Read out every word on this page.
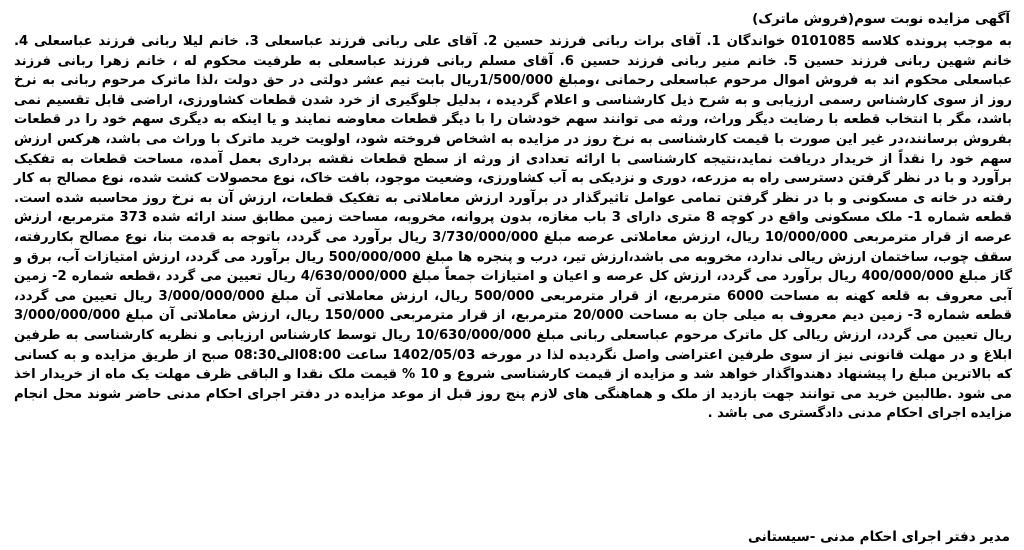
آگهی مزایده نوبت سوم(فروش ماترک)

به موجب پرونده کلاسه 0101085 خواندگان 1. آقای برات ربانی فرزند حسین 2. آقای علی ربانی فرزند عباسعلی 3. خانم لیلا ربانی فرزند عباسعلی 4. خانم شهین ربانی فرزند حسین 5. خانم منیر ربانی فرزند حسین 6. آقای مسلم ربانی فرزند عباسعلی به طرفیت محکوم له ، خانم زهرا ربانی فرزند عباسعلی محکوم اند به فروش اموال مرحوم عباسعلی رحمانی ،ومبلغ 1/500/000ریال بابت نیم عشر دولتی در حق دولت ،لذا ماترک مرحوم ربانی به نرخ روز از سوی کارشناس رسمی ارزیابی و به شرح ذیل کارشناسی و اعلام گردیده ، بدلیل جلوگیری از خرد شدن قطعات کشاورزی، اراضی قابل تقسیم نمی باشد، مگر با انتخاب قطعه با رضایت دیگر وراث، ورثه می توانند سهم خودشان را با دیگر قطعات معاوضه نمایند و یا اینکه به دیگری سهم خود را در قطعات بفروش برسانند،در غیر این صورت با قیمت کارشناسی به نرخ روز در مزایده به اشخاص فروخته شود، اولویت خرید ماترک با وراث می باشد، هرکس ارزش سهم خود را نقداً از خریدار دریافت نماید،نتیجه کارشناسی با ارائه تعدادی از ورثه از سطح قطعات نقشه برداری بعمل آمده، مساحت قطعات به تفکیک برآورد و با در نظر گرفتن دسترسی راه به مزرعه، دوری و نزدیکی به آب کشاورزی، وضعیت موجود، بافت خاک، نوع محصولات کشت شده، نوع مصالح به کار رفته در خانه ی مسکونی و با در نظر گرفتن تمامی عوامل تاثیرگذار در برآورد ارزش معاملاتی به تفکیک قطعات، ارزش آن به نرخ روز محاسبه شده است. قطعه شماره 1- ملک مسکونی واقع در کوچه 8 متری دارای 3 باب مغازه، بدون پروانه، مخروبه، مساحت زمین مطابق سند ارائه شده 373 مترمربع، ارزش عرصه از قرار مترمربعی 10/000/000 ریال، ارزش معاملاتی عرصه مبلغ 3/730/000/000 ریال برآورد می گردد، باتوجه به قدمت بنا، نوع مصالح بکاررفته، سقف چوب، ساختمان ارزش ریالی ندارد، مخروبه می باشد،ارزش تیر، درب و پنجره ها مبلغ 500/000/000 ریال برآورد می گردد، ارزش امتیازات آب، برق و گاز مبلغ 400/000/000 ریال برآورد می گردد، ارزش کل عرصه و اعیان و امتیازات جمعاً مبلغ 4/630/000/000 ریال تعیین می گردد ،قطعه شماره 2- زمین آبی معروف به قلعه کهنه به مساحت 6000 مترمربع، از قرار مترمربعی 500/000 ریال، ارزش معاملاتی آن مبلغ 3/000/000/000 ریال تعیین می گردد، قطعه شماره 3- زمین دیم معروف به میلی جان به مساحت 20/000 مترمربع، از قرار مترمربعی 150/000 ریال، ارزش معاملاتی آن مبلغ 3/000/000/000 ریال تعیین می گردد، ارزش ریالی کل ماترک مرحوم عباسعلی ربانی مبلغ 10/630/000/000 ریال توسط کارشناس ارزیابی و نظریه کارشناسی به طرفین ابلاغ و در مهلت قانونی نیز از سوی طرفین اعتراضی واصل نگردیده لذا در مورخه 1402/05/03 ساعت 08:00الی08:30 صبح از طریق مزایده و به کسانی که بالاترین مبلغ را پیشنهاد دهندواگذار خواهد شد و مزایده از قیمت کارشناسی شروع و 10 % قیمت ملک نقدا و الباقی ظرف مهلت یک ماه از خریدار اخذ می شود .طالبین خرید می توانند جهت بازدید از ملک و هماهنگی های لازم پنج روز قبل از موعد مزایده در دفتر اجرای احکام مدنی حاضر شوند محل انجام مزایده اجرای احکام مدنی دادگستری می باشد .

مدیر دفتر اجرای احکام مدنی -سیستانی
